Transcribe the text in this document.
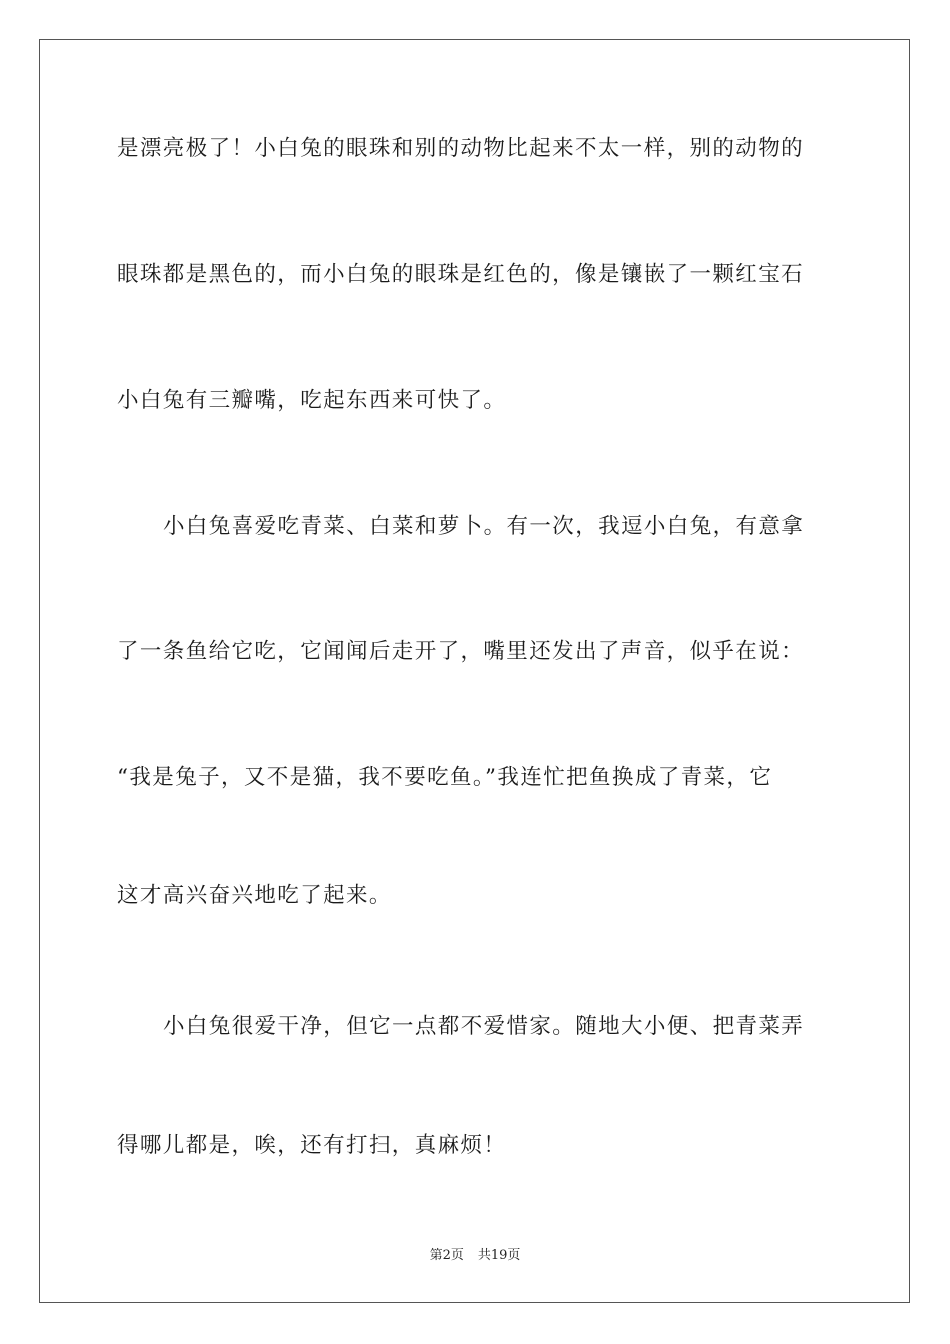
是漂亮极了！小白兔的眼珠和别的动物比起来不太一样，别的动物的
眼珠都是黑色的，而小白兔的眼珠是红色的，像是镶嵌了一颗红宝石
小白兔有三瓣嘴，吃起东西来可快了。
小白兔喜爱吃青菜、白菜和萝卜。有一次，我逗小白兔，有意拿
了一条鱼给它吃，它闻闻后走开了，嘴里还发出了声音，似乎在说：
“我是兔子，又不是猫，我不要吃鱼。”我连忙把鱼换成了青菜，它
这才高兴奋兴地吃了起来。
小白兔很爱干净，但它一点都不爱惜家。随地大小便、把青菜弄
得哪儿都是，唉，还有打扫，真麻烦！
第2页 共19页
